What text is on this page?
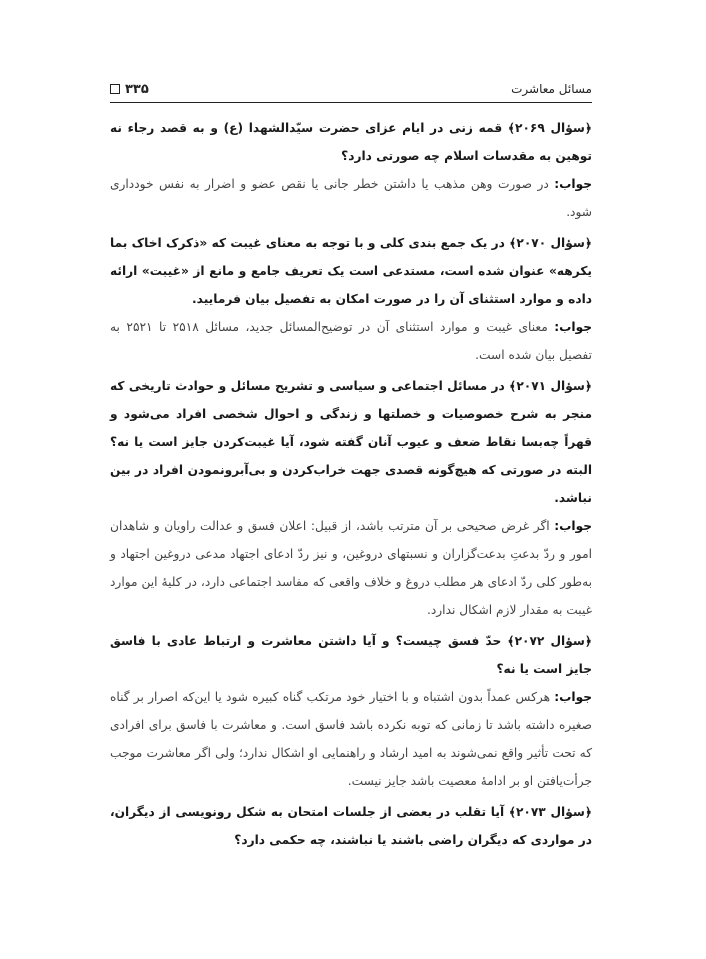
مسائل معاشرت
۳۳۵

﴿سؤال ۲۰۶۹﴾ قمه زنی در ایام عزای حضرت سیّدالشهدا (ع) و به قصد رجاء نه توهین به مقدسات اسلام چه صورتی دارد؟

جواب: در صورت وهن مذهب یا داشتن خطر جانی یا نقص عضو و اضرار به نفس خودداری شود.

﴿سؤال ۲۰۷۰﴾ در یک جمع بندی کلی و با توجه به معنای غیبت که «ذکرک اخاک بما یکرهه» عنوان شده است، مستدعی است یک تعریف جامع و مانع از «غیبت» ارائه داده و موارد استثنای آن را در صورت امکان به تفصیل بیان فرمایید.

جواب: معنای غیبت و موارد استثنای آن در توضیح‌المسائل جدید، مسائل ۲۵۱۸ تا ۲۵۲۱ به تفصیل بیان شده است.

﴿سؤال ۲۰۷۱﴾ در مسائل اجتماعی و سیاسی و تشریح مسائل و حوادث تاریخی که منجر به شرح خصوصیات و خصلتها و زندگی و احوال شخصی افراد می‌شود و قهراً چه‌بسا نقاط ضعف و عیوب آنان گفته شود، آیا غیبت‌کردن جایز است یا نه؟ البته در صورتی که هیچ‌گونه قصدی جهت خراب‌کردن و بی‌آبرونمودن افراد در بین نباشد.

جواب: اگر غرض صحیحی بر آن مترتب باشد، از قبیل: اعلان فسق و عدالت راویان و شاهدان امور و ردّ بدعتِ بدعت‌گزاران و نسبتهای دروغین، و نیز ردّ ادعای اجتهاد مدعی دروغین اجتهاد و به‌طور کلی ردّ ادعای هر مطلب دروغ و خلاف واقعی که مفاسد اجتماعی دارد، در کلیهٔ این موارد غیبت به مقدار لازم اشکال ندارد.

﴿سؤال ۲۰۷۲﴾ حدّ فسق چیست؟ و آیا داشتن معاشرت و ارتباط عادی با فاسق جایز است یا نه؟

جواب: هرکس عمداً بدون اشتباه و با اختیار خود مرتکب گناه کبیره شود یا این‌که اصرار بر گناه صغیره داشته باشد تا زمانی که توبه نکرده باشد فاسق است. و معاشرت با فاسق برای افرادی که تحت تأثیر واقع نمی‌شوند به امید ارشاد و راهنمایی او اشکال ندارد؛ ولی اگر معاشرت موجب جرأت‌یافتن او بر ادامهٔ معصیت باشد جایز نیست.

﴿سؤال ۲۰۷۳﴾ آیا تقلب در بعضی از جلسات امتحان به شکل رونویسی از دیگران، در مواردی که دیگران راضی باشند یا نباشند، چه حکمی دارد؟
